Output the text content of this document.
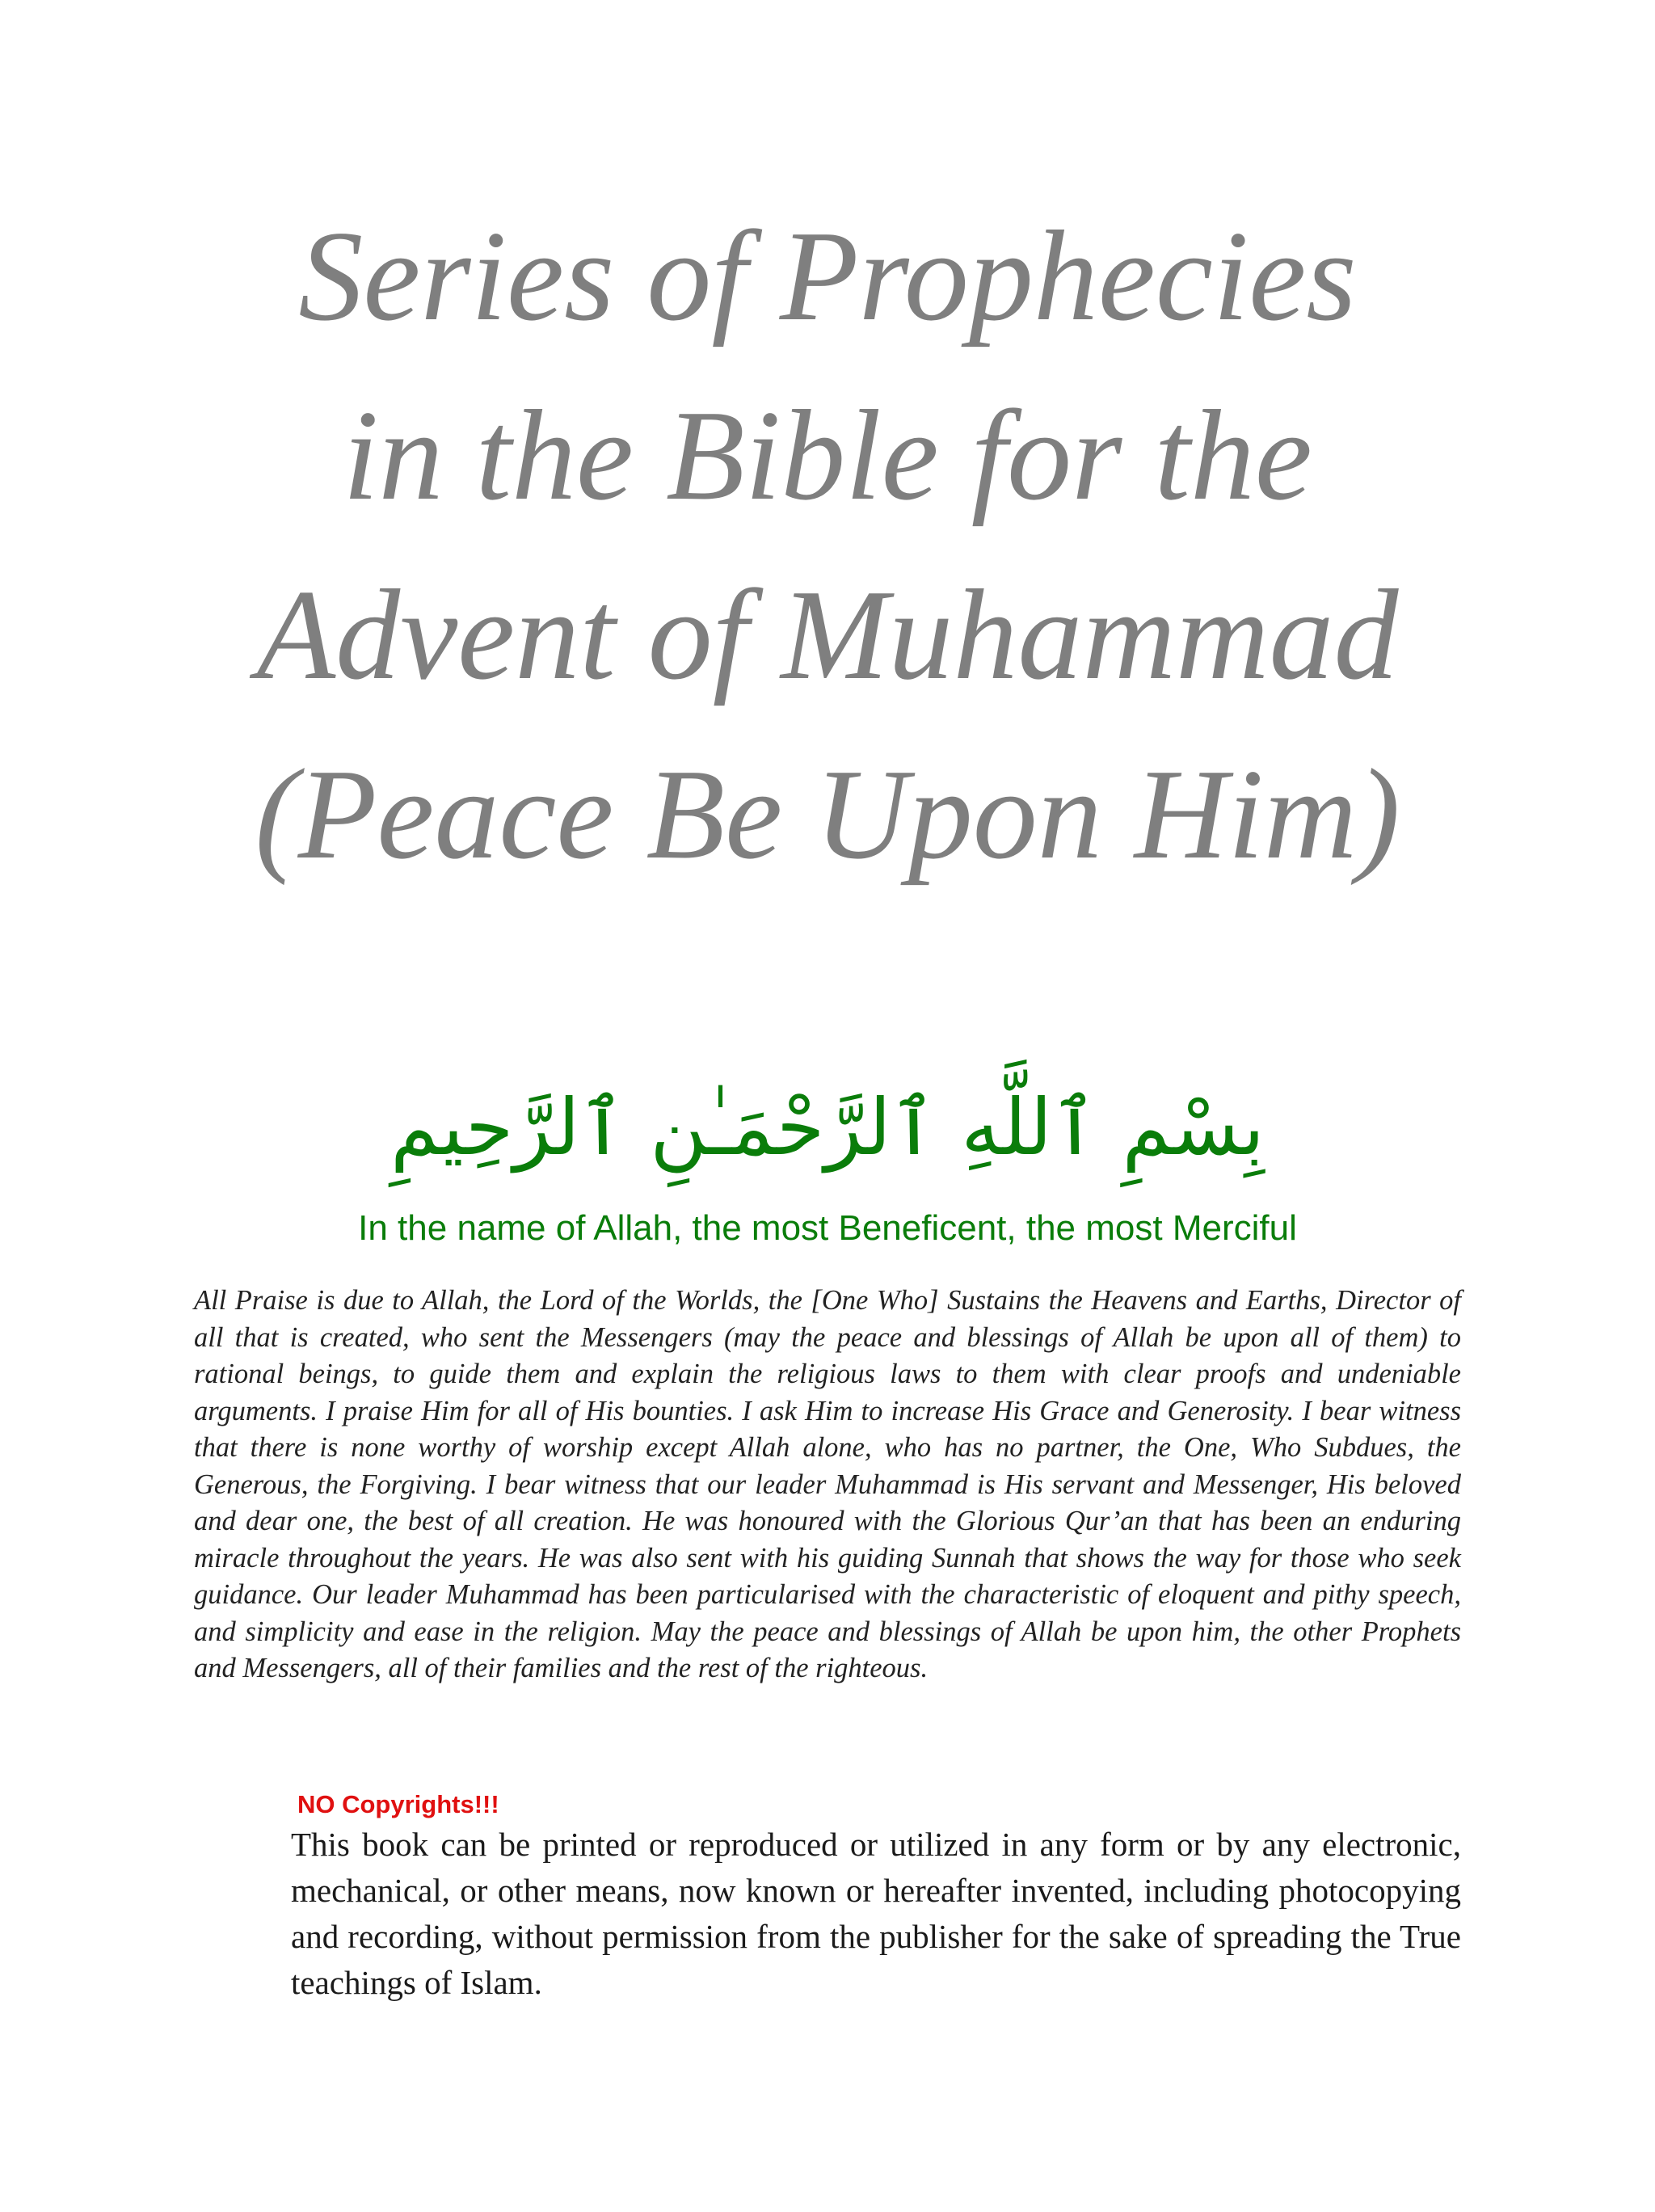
Series of Prophecies
in the Bible for the
Advent of Muhammad
(Peace Be Upon Him)
بِسْمِ ٱللَّهِ ٱلرَّحْمَـٰنِ ٱلرَّحِيمِ
In the name of Allah, the most Beneficent, the most Merciful

All Praise is due to Allah, the Lord of the Worlds, the [One Who] Sustains the Heavens and Earths, Director of all that is created, who sent the Messengers (may the peace and blessings of Allah be upon all of them) to rational beings, to guide them and explain the religious laws to them with clear proofs and undeniable arguments. I praise Him for all of His bounties. I ask Him to increase His Grace and Generosity. I bear witness that there is none worthy of worship except Allah alone, who has no partner, the One, Who Subdues, the Generous, the Forgiving. I bear witness that our leader Muhammad is His servant and Messenger, His beloved and dear one, the best of all creation. He was honoured with the Glorious Qur’an that has been an enduring miracle throughout the years. He was also sent with his guiding Sunnah that shows the way for those who seek guidance. Our leader Muhammad has been particularised with the characteristic of eloquent and pithy speech, and simplicity and ease in the religion. May the peace and blessings of Allah be upon him, the other Prophets and Messengers, all of their families and the rest of the righteous.

NO Copyrights!!!

This book can be printed or reproduced or utilized in any form or by any electronic, mechanical, or other means, now known or hereafter invented, including photocopying and recording, without permission from the publisher for the sake of spreading the True teachings of Islam.
